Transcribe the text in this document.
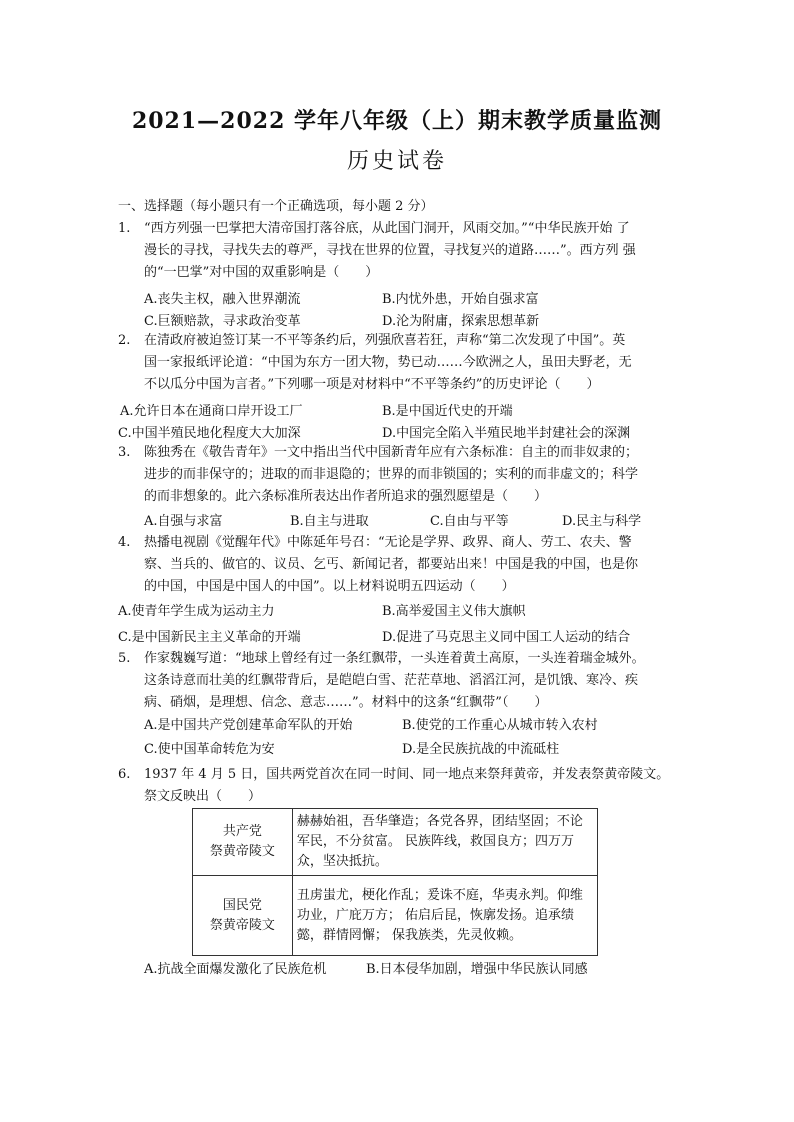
2021—2022 学年八年级（上）期末教学质量监测
历史试卷
一、选择题（每小题只有一个正确选项，每小题 2 分）
1. “西方列强一巴掌把大清帝国打落谷底，从此国门洞开，风雨交加。”“中华民族开始 了
漫长的寻找，寻找失去的尊严，寻找在世界的位置，寻找复兴的道路……”。西方列 强
的“一巴掌”对中国的双重影响是（　　）
A.丧失主权，融入世界潮流	B.内忧外患，开始自强求富
C.巨额赔款，寻求政治变革	D.沦为附庸，探索思想革新
2. 在清政府被迫签订某一不平等条约后，列强欣喜若狂，声称“第二次发现了中国”。英
国一家报纸评论道：“中国为东方一团大物，势已动……今欧洲之人，虽田夫野老，无
不以瓜分中国为言者。”下列哪一项是对材料中“不平等条约”的历史评论（　　）
A.允许日本在通商口岸开设工厂	B.是中国近代史的开端
C.中国半殖民地化程度大大加深	D.中国完全陷入半殖民地半封建社会的深渊
3. 陈独秀在《敬告青年》一文中指出当代中国新青年应有六条标准：自主的而非奴隶的；
进步的而非保守的；进取的而非退隐的；世界的而非锁国的；实利的而非虚文的；科学
的而非想象的。此六条标准所表达出作者所追求的强烈愿望是（　　）
A.自强与求富	B.自主与进取	C.自由与平等	D.民主与科学
4. 热播电视剧《觉醒年代》中陈延年号召：“无论是学界、政界、商人、劳工、农夫、警
察、当兵的、做官的、议员、乞丐、新闻记者，都要站出来！中国是我的中国，也是你
的中国，中国是中国人的中国”。以上材料说明五四运动（　　）
A.使青年学生成为运动主力	B.高举爱国主义伟大旗帜
C.是中国新民主主义革命的开端	D.促进了马克思主义同中国工人运动的结合
5. 作家魏巍写道：“地球上曾经有过一条红飘带，一头连着黄土高原，一头连着瑞金城外。
这条诗意而壮美的红飘带背后，是皑皑白雪、茫茫草地、滔滔江河，是饥饿、寒冷、疾
病、硝烟，是理想、信念、意志……”。材料中的这条“红飘带”（　　）
A.是中国共产党创建革命军队的开始	B.使党的工作重心从城市转入农村
C.使中国革命转危为安	D.是全民族抗战的中流砥柱
6. 1937 年 4 月 5 日，国共两党首次在同一时间、同一地点来祭拜黄帝，并发表祭黄帝陵文。
祭文反映出（　　）
共产党
祭黄帝陵文	赫赫始祖，吾华肇造；各党各界，团结坚固；不论军民，不分贫富。 民族阵线，救国良方；四万万众，坚决抵抗。

国民党
祭黄帝陵文	丑虏蚩尤，梗化作乱；爰诛不庭，华夷永判。仰维功业，广庇万方； 佑启后昆，恢廓发扬。追承绩懿，群情罔懈； 保我族类，先灵攸赖。
A.抗战全面爆发激化了民族危机	B.日本侵华加剧，增强中华民族认同感
